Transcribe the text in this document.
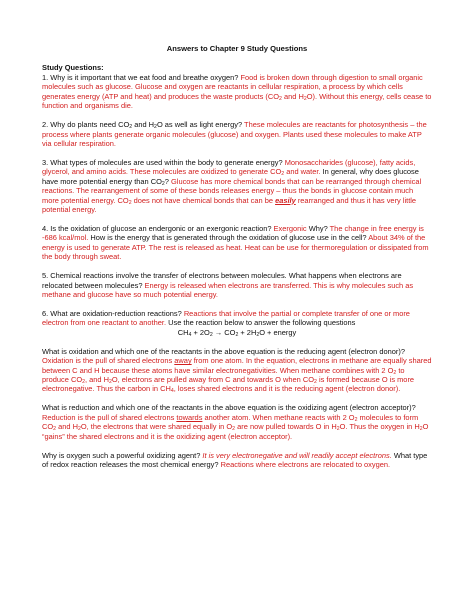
Answers to Chapter 9 Study Questions
Study Questions:
1. Why is it important that we eat food and breathe oxygen? Food is broken down through digestion to small organic molecules such as glucose. Glucose and oxygen are reactants in cellular respiration, a process by which cells generates energy (ATP and heat) and produces the waste products ($CO_2$ and $H_2O$). Without this energy, cells cease to function and organisms die.
2. Why do plants need $CO_2$ and $H_2O$ as well as light energy? These molecules are reactants for photosynthesis – the process where plants generate organic molecules (glucose) and oxygen. Plants used these molecules to make ATP via cellular respiration.
3. What types of molecules are used within the body to generate energy? Monosaccharides (glucose), fatty acids, glycerol, and amino acids. These molecules are oxidized to generate $CO_2$ and water. In general, why does glucose have more potential energy than $CO_2$? Glucose has more chemical bonds that can be rearranged through chemical reactions. The rearrangement of some of these bonds releases energy – thus the bonds in glucose contain much more potential energy. $CO_2$ does not have chemical bonds that can be easily rearranged and thus it has very little potential energy.
4. Is the oxidation of glucose an endergonic or an exergonic reaction? Exergonic Why? The change in free energy is -686 kcal/mol. How is the energy that is generated through the oxidation of glucose use in the cell? About 34% of the energy is used to generate ATP. The rest is released as heat. Heat can be use for thermoregulation or dissipated from the body through sweat.
5. Chemical reactions involve the transfer of electrons between molecules. What happens when electrons are relocated between molecules? Energy is released when electrons are transferred. This is why molecules such as methane and glucose have so much potential energy.
6. What are oxidation-reduction reactions? Reactions that involve the partial or complete transfer of one or more electron from one reactant to another. Use the reaction below to answer the following questions
$CH_4 + 2O_2 \to CO_2 + 2H_2O$ + energy
What is oxidation and which one of the reactants in the above equation is the reducing agent (electron donor)? Oxidation is the pull of shared electrons away from one atom. In the equation, electrons in methane are equally shared between C and H because these atoms have similar electronegativities. When methane combines with 2 $O_2$ to produce $CO_2$, and $H_2O$, electrons are pulled away from C and towards O when $CO_2$ is formed because O is more electronegative. Thus the carbon in $CH_4$, loses shared electrons and it is the reducing agent (electron donor).
What is reduction and which one of the reactants in the above equation is the oxidizing agent (electron acceptor)? Reduction is the pull of shared electrons towards another atom. When methane reacts with 2 $O_2$ molecules to form $CO_2$ and $H_2O$, the electrons that were shared equally in $O_2$ are now pulled towards O in $H_2O$. Thus the oxygen in $H_2O$ “gains” the shared electrons and it is the oxidizing agent (electron acceptor).
Why is oxygen such a powerful oxidizing agent? It is very electronegative and will readily accept electrons. What type of redox reaction releases the most chemical energy? Reactions where electrons are relocated to oxygen.
